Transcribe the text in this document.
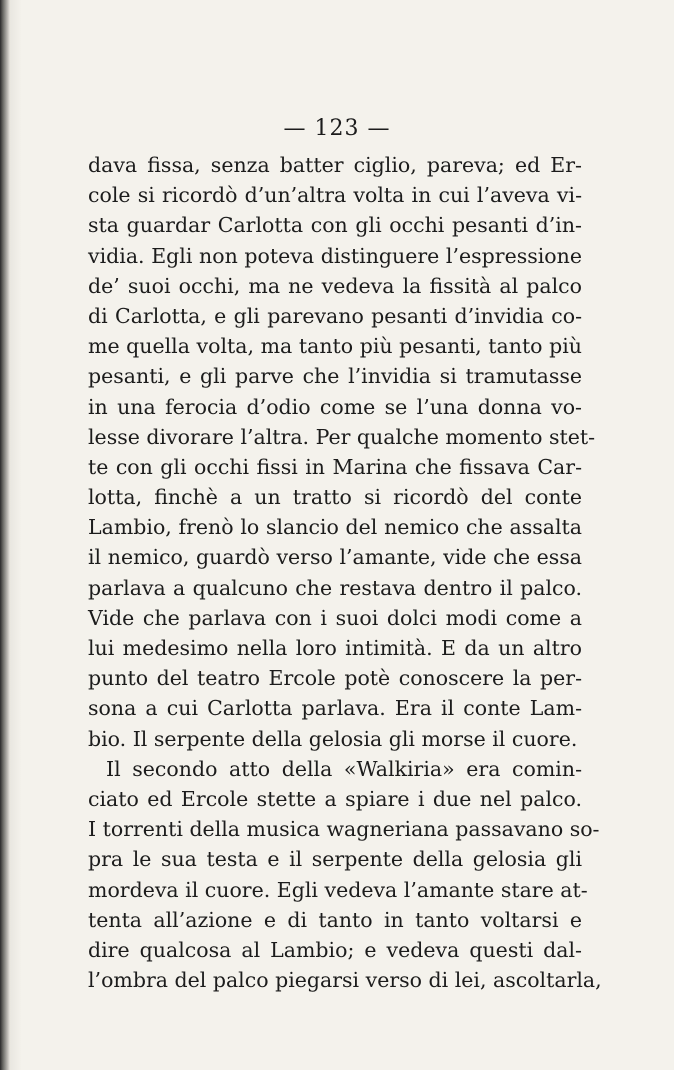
— 123 —
dava fissa, senza batter ciglio, pareva; ed Er-
cole si ricordò d’un’altra volta in cui l’aveva vi-
sta guardar Carlotta con gli occhi pesanti d’in-
vidia. Egli non poteva distinguere l’espressione
de’ suoi occhi, ma ne vedeva la fissità al palco
di Carlotta, e gli parevano pesanti d’invidia co-
me quella volta, ma tanto più pesanti, tanto più
pesanti, e gli parve che l’invidia si tramutasse
in una ferocia d’odio come se l’una donna vo-
lesse divorare l’altra. Per qualche momento stet-
te con gli occhi fissi in Marina che fissava Car-
lotta, finchè a un tratto si ricordò del conte
Lambio, frenò lo slancio del nemico che assalta
il nemico, guardò verso l’amante, vide che essa
parlava a qualcuno che restava dentro il palco.
Vide che parlava con i suoi dolci modi come a
lui medesimo nella loro intimità. E da un altro
punto del teatro Ercole potè conoscere la per-
sona a cui Carlotta parlava. Era il conte Lam-
bio. Il serpente della gelosia gli morse il cuore.
Il secondo atto della «Walkiria» era comin-
ciato ed Ercole stette a spiare i due nel palco.
I torrenti della musica wagneriana passavano so-
pra le sua testa e il serpente della gelosia gli
mordeva il cuore. Egli vedeva l’amante stare at-
tenta all’azione e di tanto in tanto voltarsi e
dire qualcosa al Lambio; e vedeva questi dal-
l’ombra del palco piegarsi verso di lei, ascoltarla,
